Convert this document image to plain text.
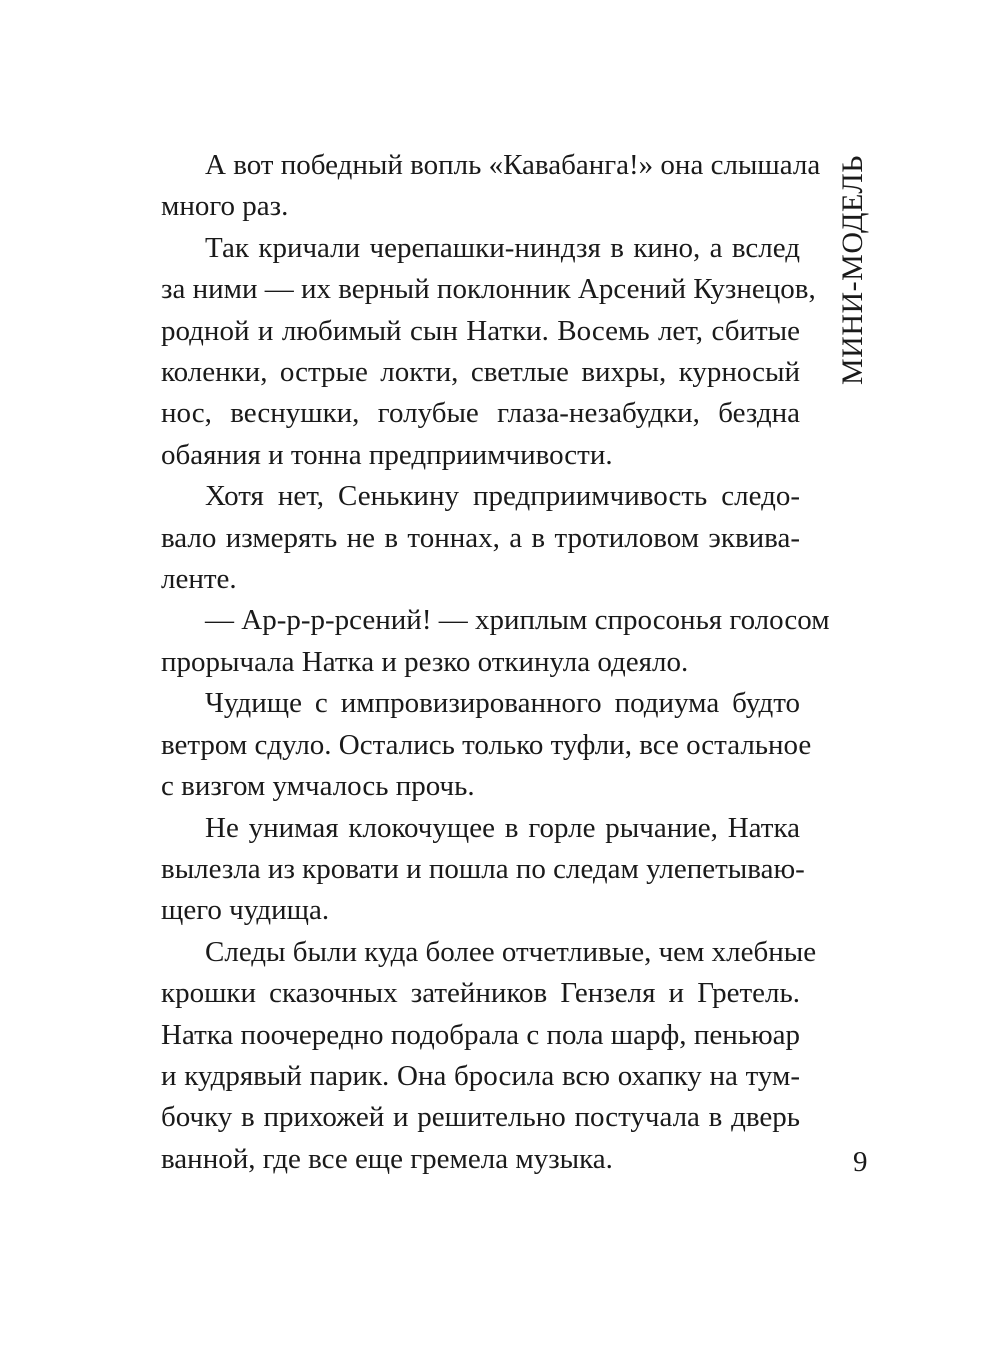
А вот победный вопль «Кавабанга!» она слышала
много раз.
Так кричали черепашки-ниндзя в кино, а вслед
за ними — их верный поклонник Арсений Кузнецов,
родной и любимый сын Натки. Восемь лет, сбитые
коленки, острые локти, светлые вихры, курносый
нос, веснушки, голубые глаза-незабудки, бездна
обаяния и тонна предприимчивости.
Хотя нет, Сенькину предприимчивость следо-
вало измерять не в тоннах, а в тротиловом эквива-
ленте.
— Ар-р-р-рсений! — хриплым спросонья голосом
прорычала Натка и резко откинула одеяло.
Чудище с импровизированного подиума будто
ветром сдуло. Остались только туфли, все остальное
с визгом умчалось прочь.
Не унимая клокочущее в горле рычание, Натка
вылезла из кровати и пошла по следам улепетываю-
щего чудища.
Следы были куда более отчетливые, чем хлебные
крошки сказочных затейников Гензеля и Гретель.
Натка поочередно подобрала с пола шарф, пеньюар
и кудрявый парик. Она бросила всю охапку на тум-
бочку в прихожей и решительно постучала в дверь
ванной, где все еще гремела музыка.
МИНИ-МОДЕЛЬ
9
